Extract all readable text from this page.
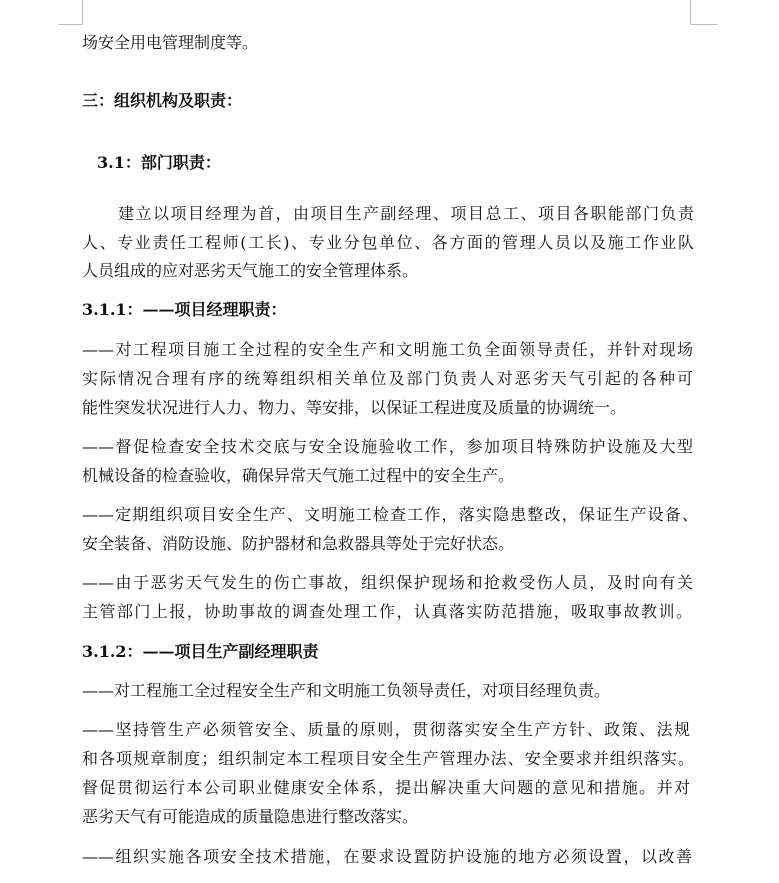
场安全用电管理制度等。
三：组织机构及职责：
3.1：部门职责：
建立以项目经理为首，由项目生产副经理、项目总工、项目各职能部门负责
人、专业责任工程师(工长)、专业分包单位、各方面的管理人员以及施工作业队
人员组成的应对恶劣天气施工的安全管理体系。
3.1.1：——项目经理职责：
——对工程项目施工全过程的安全生产和文明施工负全面领导责任，并针对现场
实际情况合理有序的统筹组织相关单位及部门负责人对恶劣天气引起的各种可
能性突发状况进行人力、物力、等安排，以保证工程进度及质量的协调统一。
——督促检查安全技术交底与安全设施验收工作，参加项目特殊防护设施及大型
机械设备的检查验收，确保异常天气施工过程中的安全生产。
——定期组织项目安全生产、文明施工检查工作，落实隐患整改，保证生产设备、
安全装备、消防设施、防护器材和急救器具等处于完好状态。
——由于恶劣天气发生的伤亡事故，组织保护现场和抢救受伤人员，及时向有关
主管部门上报，协助事故的调查处理工作，认真落实防范措施，吸取事故教训。
3.1.2：——项目生产副经理职责
——对工程施工全过程安全生产和文明施工负领导责任，对项目经理负责。
——坚持管生产必须管安全、质量的原则，贯彻落实安全生产方针、政策、法规
和各项规章制度；组织制定本工程项目安全生产管理办法、安全要求并组织落实。
督促贯彻运行本公司职业健康安全体系，提出解决重大问题的意见和措施。并对
恶劣天气有可能造成的质量隐患进行整改落实。
——组织实施各项安全技术措施，在要求设置防护设施的地方必须设置，以改善
